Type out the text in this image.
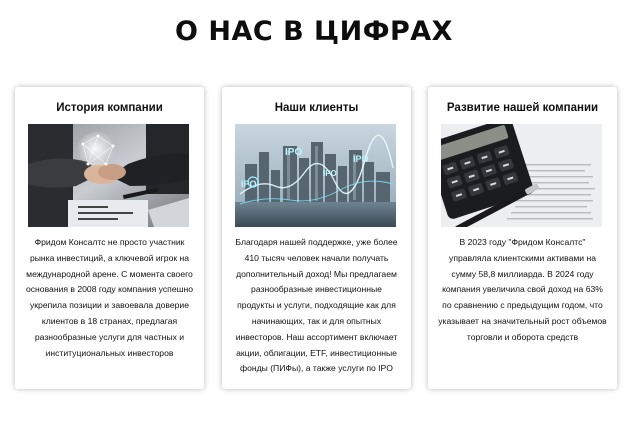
О НАС В ЦИФРАХ
История компании
Фридом Консалтс не просто участник рынка инвестиций, а ключевой игрок на международной арене. С момента своего основания в 2008 году компания успешно укрепила позиции и завоевала доверие клиентов в 18 странах, предлагая разнообразные услуги для частных и институциональных инвесторов
Наши клиенты
IPO
IPO
IPO
IPO
Благодаря нашей поддержке, уже более 410 тысяч человек начали получать дополнительный доход! Мы предлагаем разнообразные инвестиционные продукты и услуги, подходящие как для начинающих, так и для опытных инвесторов. Наш ассортимент включает акции, облигации, ETF, инвестиционные фонды (ПИФы), а также услуги по IPO
Развитие нашей компании
В 2023 году "Фридом Консалтс" управляла клиентскими активами на сумму 58,8 миллиарда. В 2024 году компания увеличила свой доход на 63% по сравнению с предыдущим годом, что указывает на значительный рост объемов торговли и оборота средств
